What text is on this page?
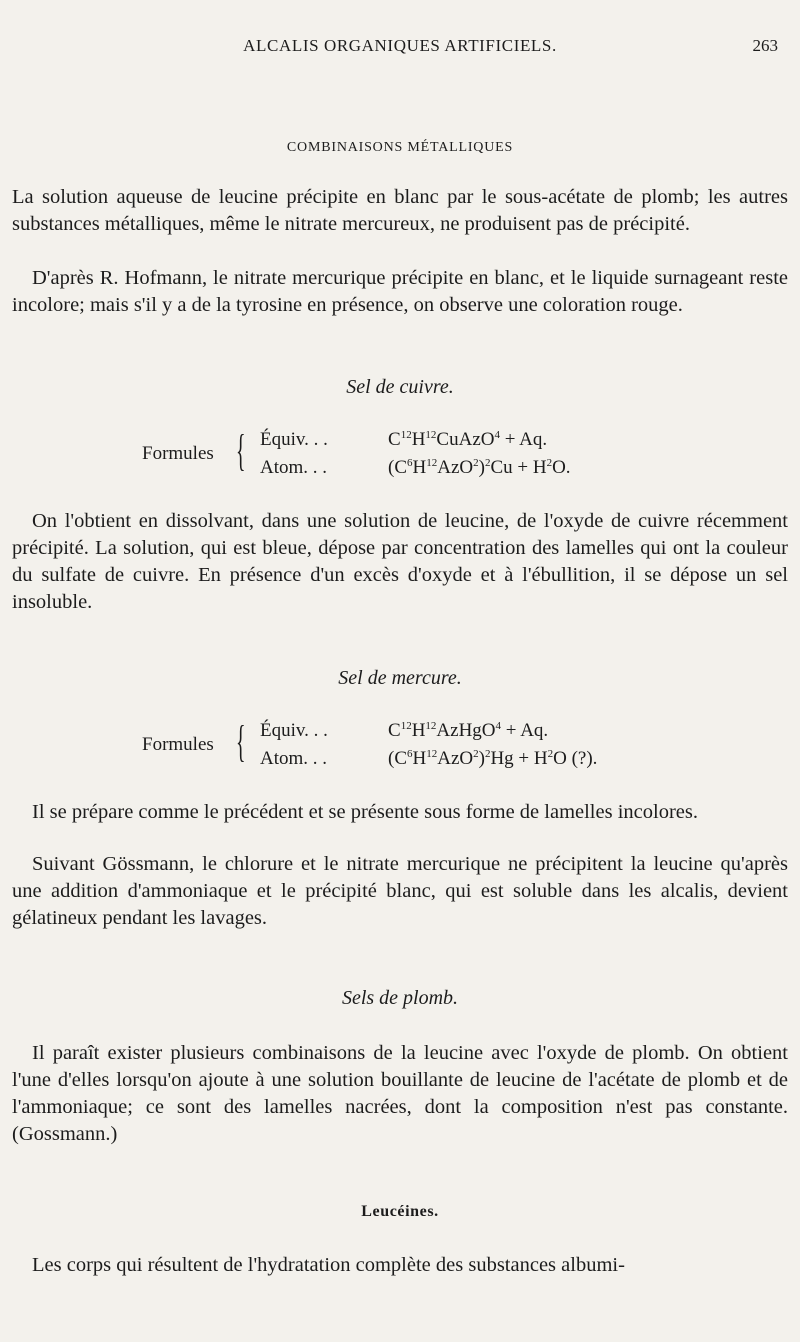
ALCALIS ORGANIQUES ARTIFICIELS.	263
COMBINAISONS MÉTALLIQUES

La solution aqueuse de leucine précipite en blanc par le sous-acétate de plomb; les autres substances métalliques, même le nitrate mercureux, ne produisent pas de précipité.

D'après R. Hofmann, le nitrate mercurique précipite en blanc, et le liquide surnageant reste incolore; mais s'il y a de la tyrosine en présence, on observe une coloration rouge.

Sel de cuivre.
Formules { Équiv. . .	$C^{12}H^{12}CuAzO^4 + Aq$.
Atom. . .	$(C^6H^{12}AzO^2)^2Cu + H^2O$.

On l'obtient en dissolvant, dans une solution de leucine, de l'oxyde de cuivre récemment précipité. La solution, qui est bleue, dépose par concentration des lamelles qui ont la couleur du sulfate de cuivre. En présence d'un excès d'oxyde et à l'ébullition, il se dépose un sel insoluble.

Sel de mercure.
Formules { Équiv. . .	$C^{12}H^{12}AzHgO^4 + Aq$.
Atom. . .	$(C^6H^{12}AzO^2)^2Hg + H^2O$ (?).

Il se prépare comme le précédent et se présente sous forme de lamelles incolores.

Suivant Gössmann, le chlorure et le nitrate mercurique ne précipitent la leucine qu'après une addition d'ammoniaque et le précipité blanc, qui est soluble dans les alcalis, devient gélatineux pendant les lavages.

Sels de plomb.

Il paraît exister plusieurs combinaisons de la leucine avec l'oxyde de plomb. On obtient l'une d'elles lorsqu'on ajoute à une solution bouillante de leucine de l'acétate de plomb et de l'ammoniaque; ce sont des lamelles nacrées, dont la composition n'est pas constante. (Gossmann.)

Leucéines.

Les corps qui résultent de l'hydratation complète des substances albumi-
